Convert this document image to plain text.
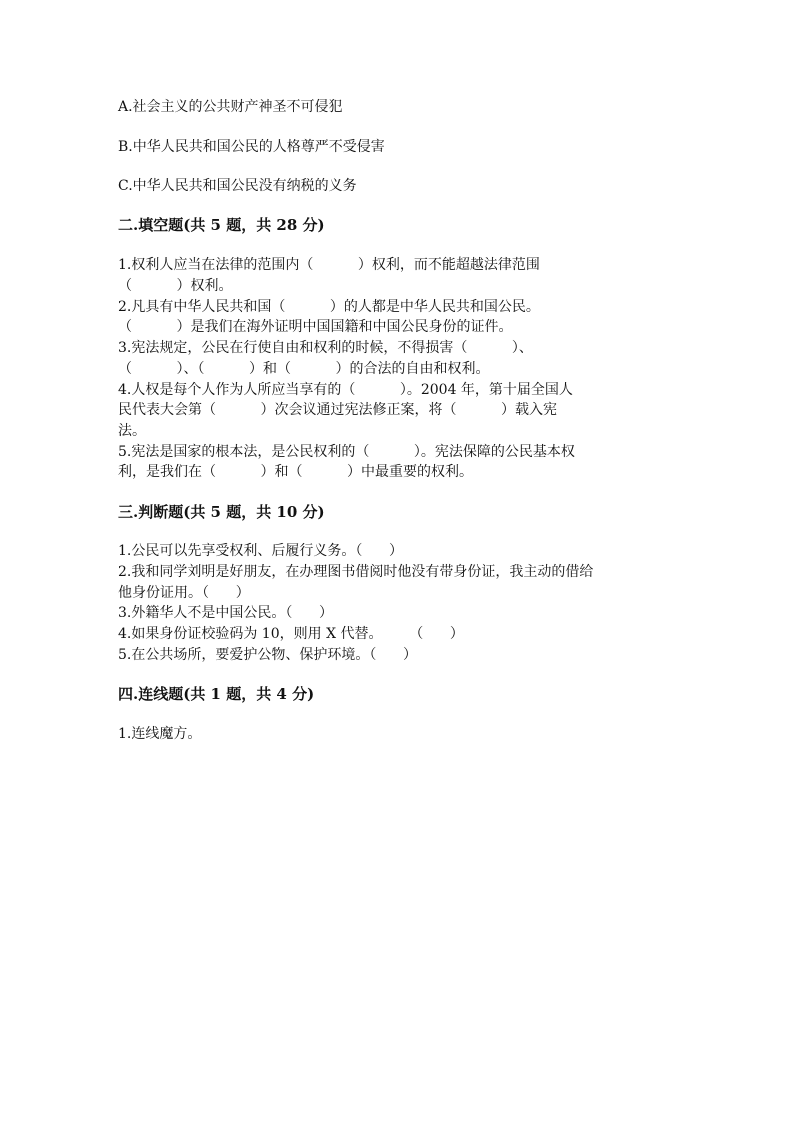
A.社会主义的公共财产神圣不可侵犯
B.中华人民共和国公民的人格尊严不受侵害
C.中华人民共和国公民没有纳税的义务
二.填空题(共 5 题，共 28 分)
1.权利人应当在法律的范围内（          ）权利，而不能超越法律范围
（          ）权利。
2.凡具有中华人民共和国（          ）的人都是中华人民共和国公民。
（          ）是我们在海外证明中国国籍和中国公民身份的证件。
3.宪法规定，公民在行使自由和权利的时候，不得损害（          ）、
（          ）、（          ）和（          ）的合法的自由和权利。
4.人权是每个人作为人所应当享有的（          ）。2004 年，第十届全国人
民代表大会第（          ）次会议通过宪法修正案，将（          ）载入宪
法。
5.宪法是国家的根本法，是公民权利的（          ）。宪法保障的公民基本权
利，是我们在（          ）和（          ）中最重要的权利。
三.判断题(共 5 题，共 10 分)
1.公民可以先享受权利、后履行义务。（      ）
2.我和同学刘明是好朋友，在办理图书借阅时他没有带身份证，我主动的借给
他身份证用。（      ）
3.外籍华人不是中国公民。（      ）
4.如果身份证校验码为 10，则用 X 代替。      （      ）
5.在公共场所，要爱护公物、保护环境。（      ）
四.连线题(共 1 题，共 4 分)
1.连线魔方。
